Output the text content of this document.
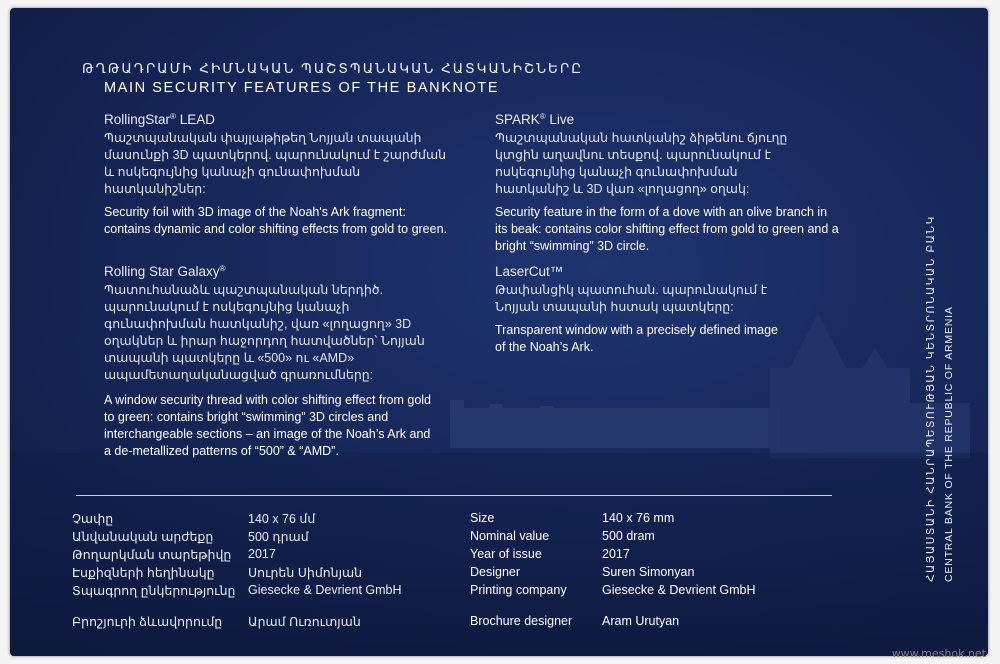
ԹՂԹԱԴՐԱՄԻ ՀԻՄՆԱԿԱՆ ՊԱՇՏՊԱՆԱԿԱՆ ՀԱՏԿԱՆԻՇՆԵՐԸ
MAIN SECURITY FEATURES OF THE BANKNOTE
RollingStar® LEAD
Պաշտպանական փայլաթիթեղ Նոյյան տապանի մասունքի 3D պատկերով. պարունակում է շարժման և ոսկեգույնից կանաչի գունափոխման հատկանիշներ:
Security foil with 3D image of the Noah's Ark fragment: contains dynamic and color shifting effects from gold to green.
Rolling Star Galaxy®
Պատուհանաձև պաշտպանական ներդիծ. պարունակում է ոսկեգույնից կանաչի գունափոխման հատկանիշ, վառ «լողացող» 3D օղակներ և իրար հաջորդող հատվածներ՝ Նոյյան տապանի պատկերը և «500» ու «AMD» ապամետաղականացված գրառումները:
A window security thread with color shifting effect from gold to green: contains bright “swimming” 3D circles and interchangeable sections – an image of the Noah’s Ark and a de-metallized patterns of “500” & “AMD”.
SPARK® Live
Պաշտպանական հատկանիշ ձիթենու ճյուղը կտցին աղավնու տեսքով. պարունակում է ոսկեգույնից կանաչի գունափոխման հատկանիշ և 3D վառ «լողացող» օղակ:
Security feature in the form of a dove with an olive branch in its beak: contains color shifting effect from gold to green and a bright “swimming” 3D circle.
LaserCut™
Թափանցիկ պատուհան. պարունակում է Նոյյան տապանի հստակ պատկերը:
Transparent window with a precisely defined image of the Noah’s Ark.
Չափը
Անվանական արժեքը
Թողարկման տարեթիվը
Էսքիզների հեղինակը
Տպագրող ընկերությունը
Բրոշյուրի ձևավորումը
140 x 76 մմ
500 դրամ
2017
Սուրեն Սիմոնյան
Giesecke & Devrient GmbH
Արամ Ուռուտյան
Size
Nominal value
Year of issue
Designer
Printing company
Brochure designer
140 x 76 mm
500 dram
2017
Suren Simonyan
Giesecke & Devrient GmbH
Aram Urutyan
ՀԱՅԱՍՏԱՆԻ ՀԱՆՐԱՊԵՏՈՒԹՅԱՆ ԿԵՆՏՐՈՆԱԿԱՆ ԲԱՆԿ CENTRAL BANK OF THE REPUBLIC OF ARMENIA
www.meshok.net
